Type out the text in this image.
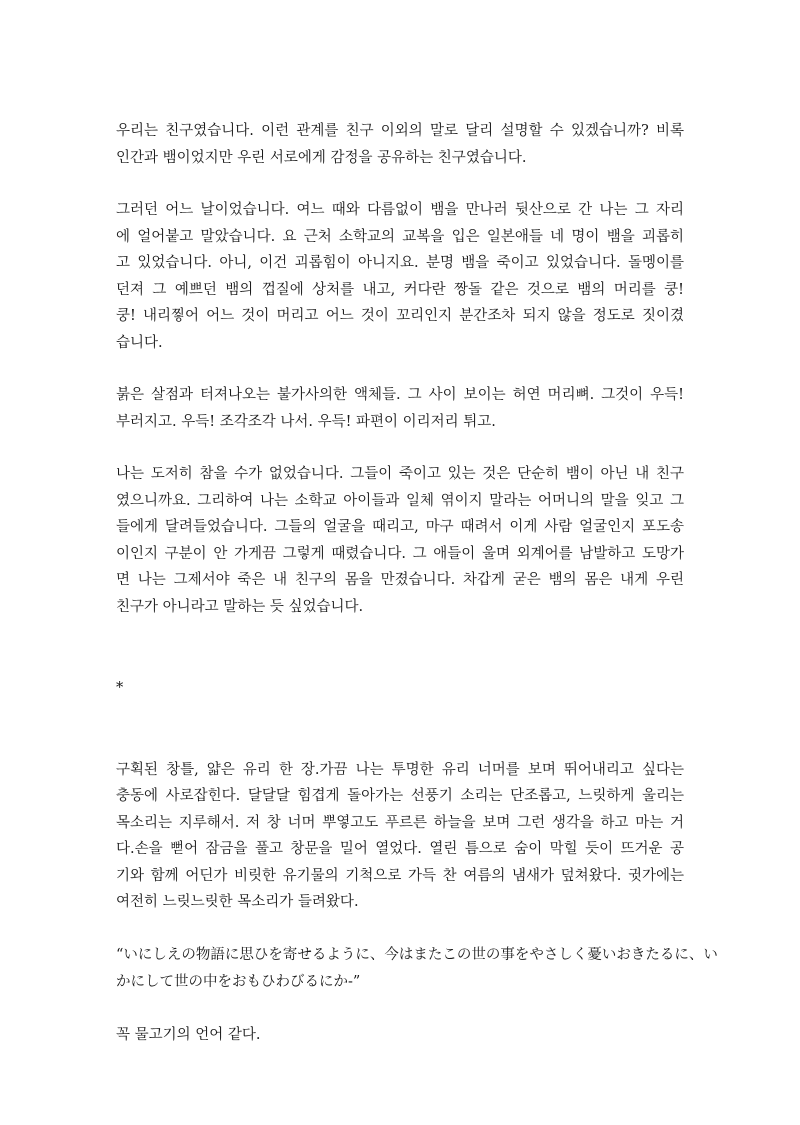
우리는 친구였습니다. 이런 관계를 친구 이외의 말로 달리 설명할 수 있겠습니까? 비록
인간과 뱀이었지만 우린 서로에게 감정을 공유하는 친구였습니다.
그러던 어느 날이었습니다. 여느 때와 다름없이 뱀을 만나러 뒷산으로 간 나는 그 자리
에 얼어붙고 말았습니다. 요 근처 소학교의 교복을 입은 일본애들 네 명이 뱀을 괴롭히
고 있었습니다. 아니, 이건 괴롭힘이 아니지요. 분명 뱀을 죽이고 있었습니다. 돌멩이를
던져 그 예쁘던 뱀의 껍질에 상처를 내고, 커다란 짱돌 같은 것으로 뱀의 머리를 쿵!
쿵! 내리찧어 어느 것이 머리고 어느 것이 꼬리인지 분간조차 되지 않을 정도로 짓이겼
습니다.
붉은 살점과 터져나오는 불가사의한 액체들. 그 사이 보이는 허연 머리뼈. 그것이 우득!
부러지고. 우득! 조각조각 나서. 우득! 파편이 이리저리 튀고.
나는 도저히 참을 수가 없었습니다. 그들이 죽이고 있는 것은 단순히 뱀이 아닌 내 친구
였으니까요. 그리하여 나는 소학교 아이들과 일체 엮이지 말라는 어머니의 말을 잊고 그
들에게 달려들었습니다. 그들의 얼굴을 때리고, 마구 때려서 이게 사람 얼굴인지 포도송
이인지 구분이 안 가게끔 그렇게 때렸습니다. 그 애들이 울며 외계어를 남발하고 도망가
면 나는 그제서야 죽은 내 친구의 몸을 만졌습니다. 차갑게 굳은 뱀의 몸은 내게 우린
친구가 아니라고 말하는 듯 싶었습니다.
*
구획된 창틀, 얇은 유리 한 장.가끔 나는 투명한 유리 너머를 보며 뛰어내리고 싶다는
충동에 사로잡힌다. 달달달 힘겹게 돌아가는 선풍기 소리는 단조롭고, 느릿하게 울리는
목소리는 지루해서. 저 창 너머 뿌옇고도 푸르른 하늘을 보며 그런 생각을 하고 마는 거
다.손을 뻗어 잠금을 풀고 창문을 밀어 열었다. 열린 틈으로 숨이 막힐 듯이 뜨거운 공
기와 함께 어딘가 비릿한 유기물의 기척으로 가득 찬 여름의 냄새가 덮쳐왔다. 귓가에는
여전히 느릿느릿한 목소리가 들려왔다.
“いにしえの物語に思ひを寄せるように、今はまたこの世の事をやさしく憂いおきたるに、い
かにして世の中をおもひわびるにか-”
꼭 물고기의 언어 같다.
